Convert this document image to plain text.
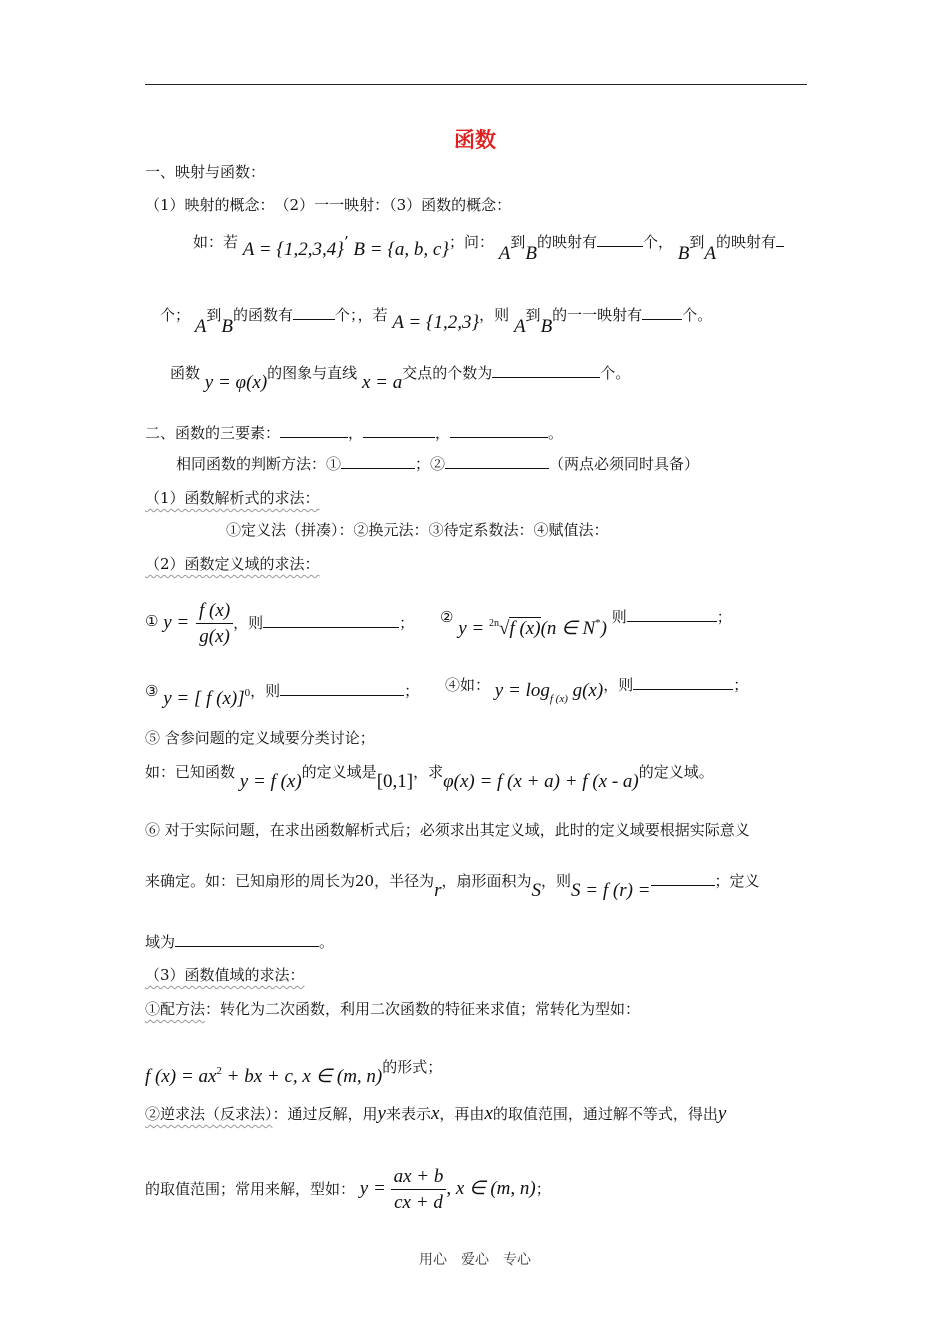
函数
一、映射与函数：
（1）映射的概念：　（2）一一映射：（3）函数的概念：
如：若 A = {1,2,3,4}’ B = {a, b, c}；问： A到B的映射有	个， B到A的映射有
个； A到B的函数有	个；，若 A = {1,2,3}，则 A到B的一一映射有	个。
函数 y = φ(x)的图象与直线 x = a交点的个数为	个。
二、函数的三要素：	，	，	。
相同函数的判断方法：①	；②	（两点必须同时具备）
（1）函数解析式的求法：
①定义法（拼凑）：②换元法：③待定系数法：④赋值法：
（2）函数定义域的求法：
① $y = \frac{f (x)}{g(x)}$ ，则	； ② y = $^{2n}$√f (x)(n ∈ N*) 则	；
③ y = [ f (x)]$^0$，则	； ④如： $y = \log_{f (x)} g(x)$，则	；
⑤ 含参问题的定义域要分类讨论；
如：已知函数 y = f (x)的定义域是[0,1]，求φ(x) = f (x + a) + f (x - a)的定义域。
⑥ 对于实际问题，在求出函数解析式后；必须求出其定义域，此时的定义域要根据实际意义
来确定。如：已知扇形的周长为20，半径为r，扇形面积为S，则S = f (r) =	；定义
域为	。
（3）函数值域的求法：
①配方法：转化为二次函数，利用二次函数的特征来求值；常转化为型如：
f $(x) = ax^2$ + bx + c, x ∈ (m, n)的形式；
②逆求法（反求法）：通过反解，用y来表示x，再由x的取值范围，通过解不等式，得出y
的取值范围；常用来解，型如： $y = \frac{ax + b}{cx + d}$ , x ∈ (m, n)；
用心　爱心　专心
